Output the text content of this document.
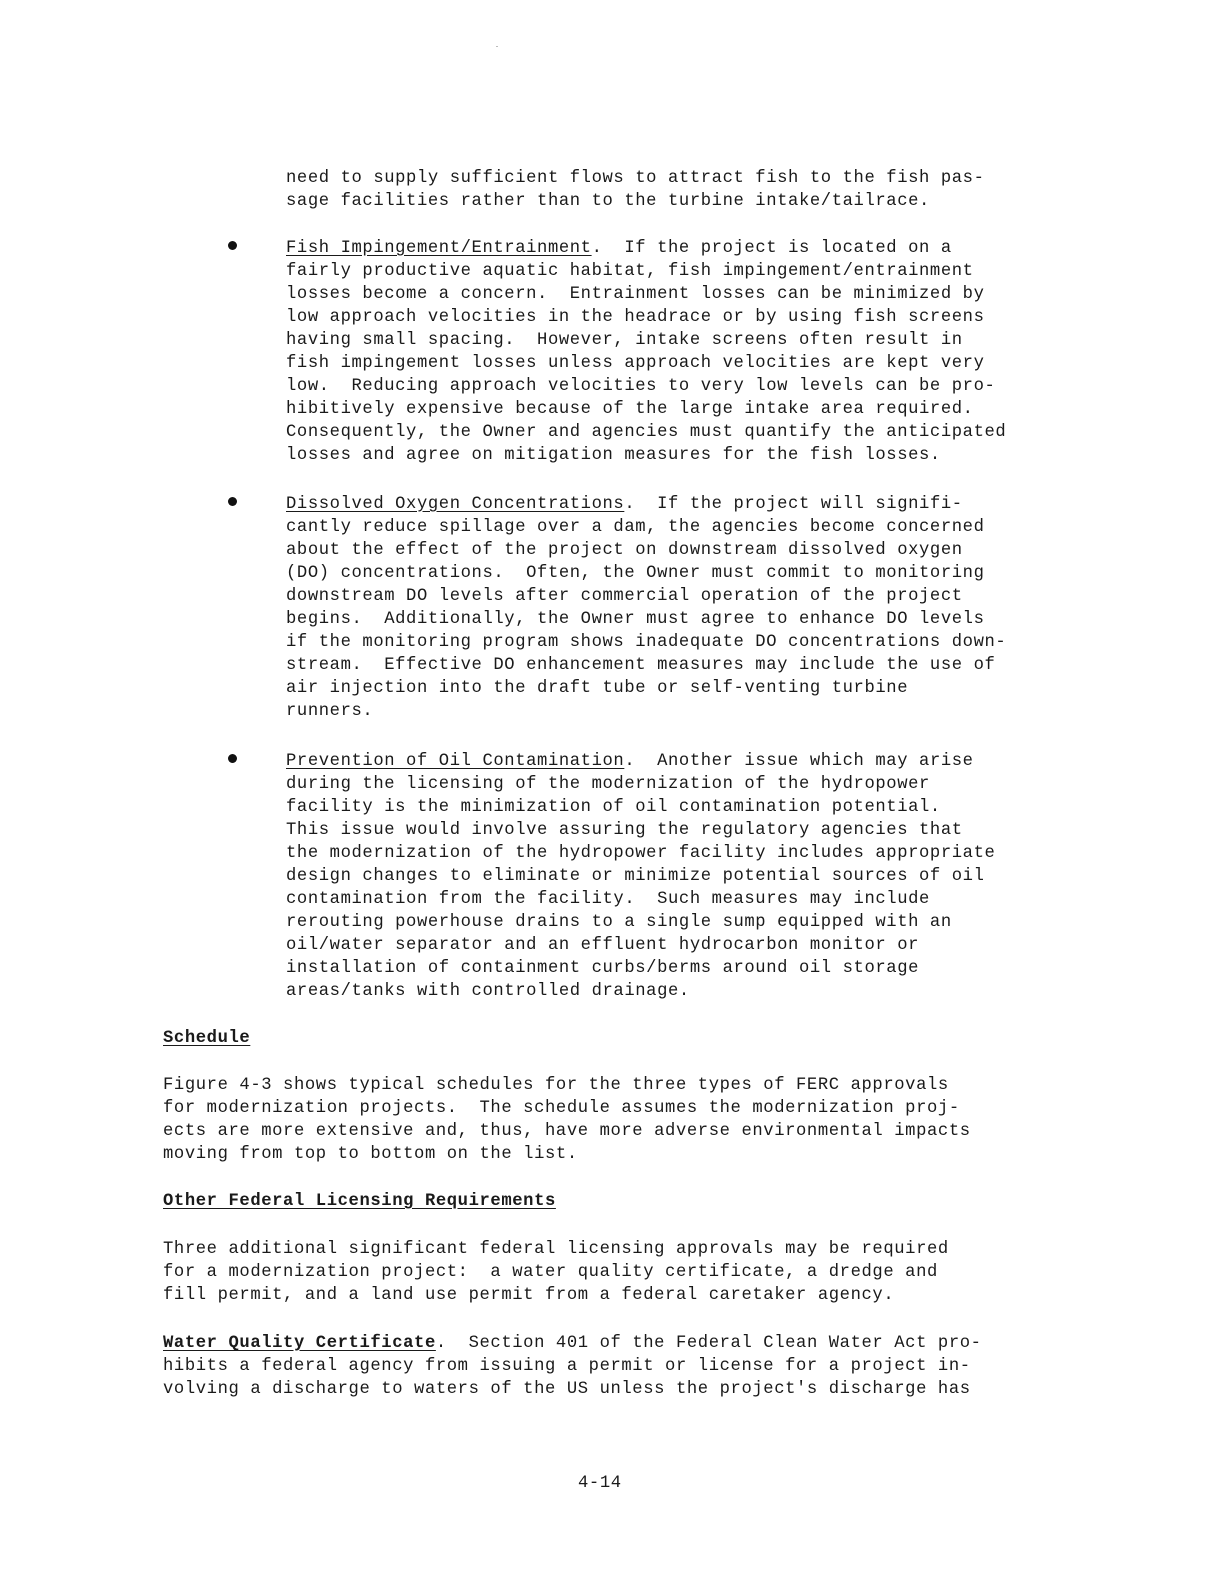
need to supply sufficient flows to attract fish to the fish pas-
sage facilities rather than to the turbine intake/tailrace.
Fish Impingement/Entrainment.  If the project is located on a
fairly productive aquatic habitat, fish impingement/entrainment
losses become a concern.  Entrainment losses can be minimized by
low approach velocities in the headrace or by using fish screens
having small spacing.  However, intake screens often result in
fish impingement losses unless approach velocities are kept very
low.  Reducing approach velocities to very low levels can be pro-
hibitively expensive because of the large intake area required.
Consequently, the Owner and agencies must quantify the anticipated
losses and agree on mitigation measures for the fish losses.
Dissolved Oxygen Concentrations.  If the project will signifi-
cantly reduce spillage over a dam, the agencies become concerned
about the effect of the project on downstream dissolved oxygen
(DO) concentrations.  Often, the Owner must commit to monitoring
downstream DO levels after commercial operation of the project
begins.  Additionally, the Owner must agree to enhance DO levels
if the monitoring program shows inadequate DO concentrations down-
stream.  Effective DO enhancement measures may include the use of
air injection into the draft tube or self-venting turbine
runners.
Prevention of Oil Contamination.  Another issue which may arise
during the licensing of the modernization of the hydropower
facility is the minimization of oil contamination potential.
This issue would involve assuring the regulatory agencies that
the modernization of the hydropower facility includes appropriate
design changes to eliminate or minimize potential sources of oil
contamination from the facility.  Such measures may include
rerouting powerhouse drains to a single sump equipped with an
oil/water separator and an effluent hydrocarbon monitor or
installation of containment curbs/berms around oil storage
areas/tanks with controlled drainage.
Schedule
Figure 4-3 shows typical schedules for the three types of FERC approvals
for modernization projects.  The schedule assumes the modernization proj-
ects are more extensive and, thus, have more adverse environmental impacts
moving from top to bottom on the list.
Other Federal Licensing Requirements
Three additional significant federal licensing approvals may be required
for a modernization project:  a water quality certificate, a dredge and
fill permit, and a land use permit from a federal caretaker agency.
Water Quality Certificate.  Section 401 of the Federal Clean Water Act pro-
hibits a federal agency from issuing a permit or license for a project in-
volving a discharge to waters of the US unless the project's discharge has
4-14
